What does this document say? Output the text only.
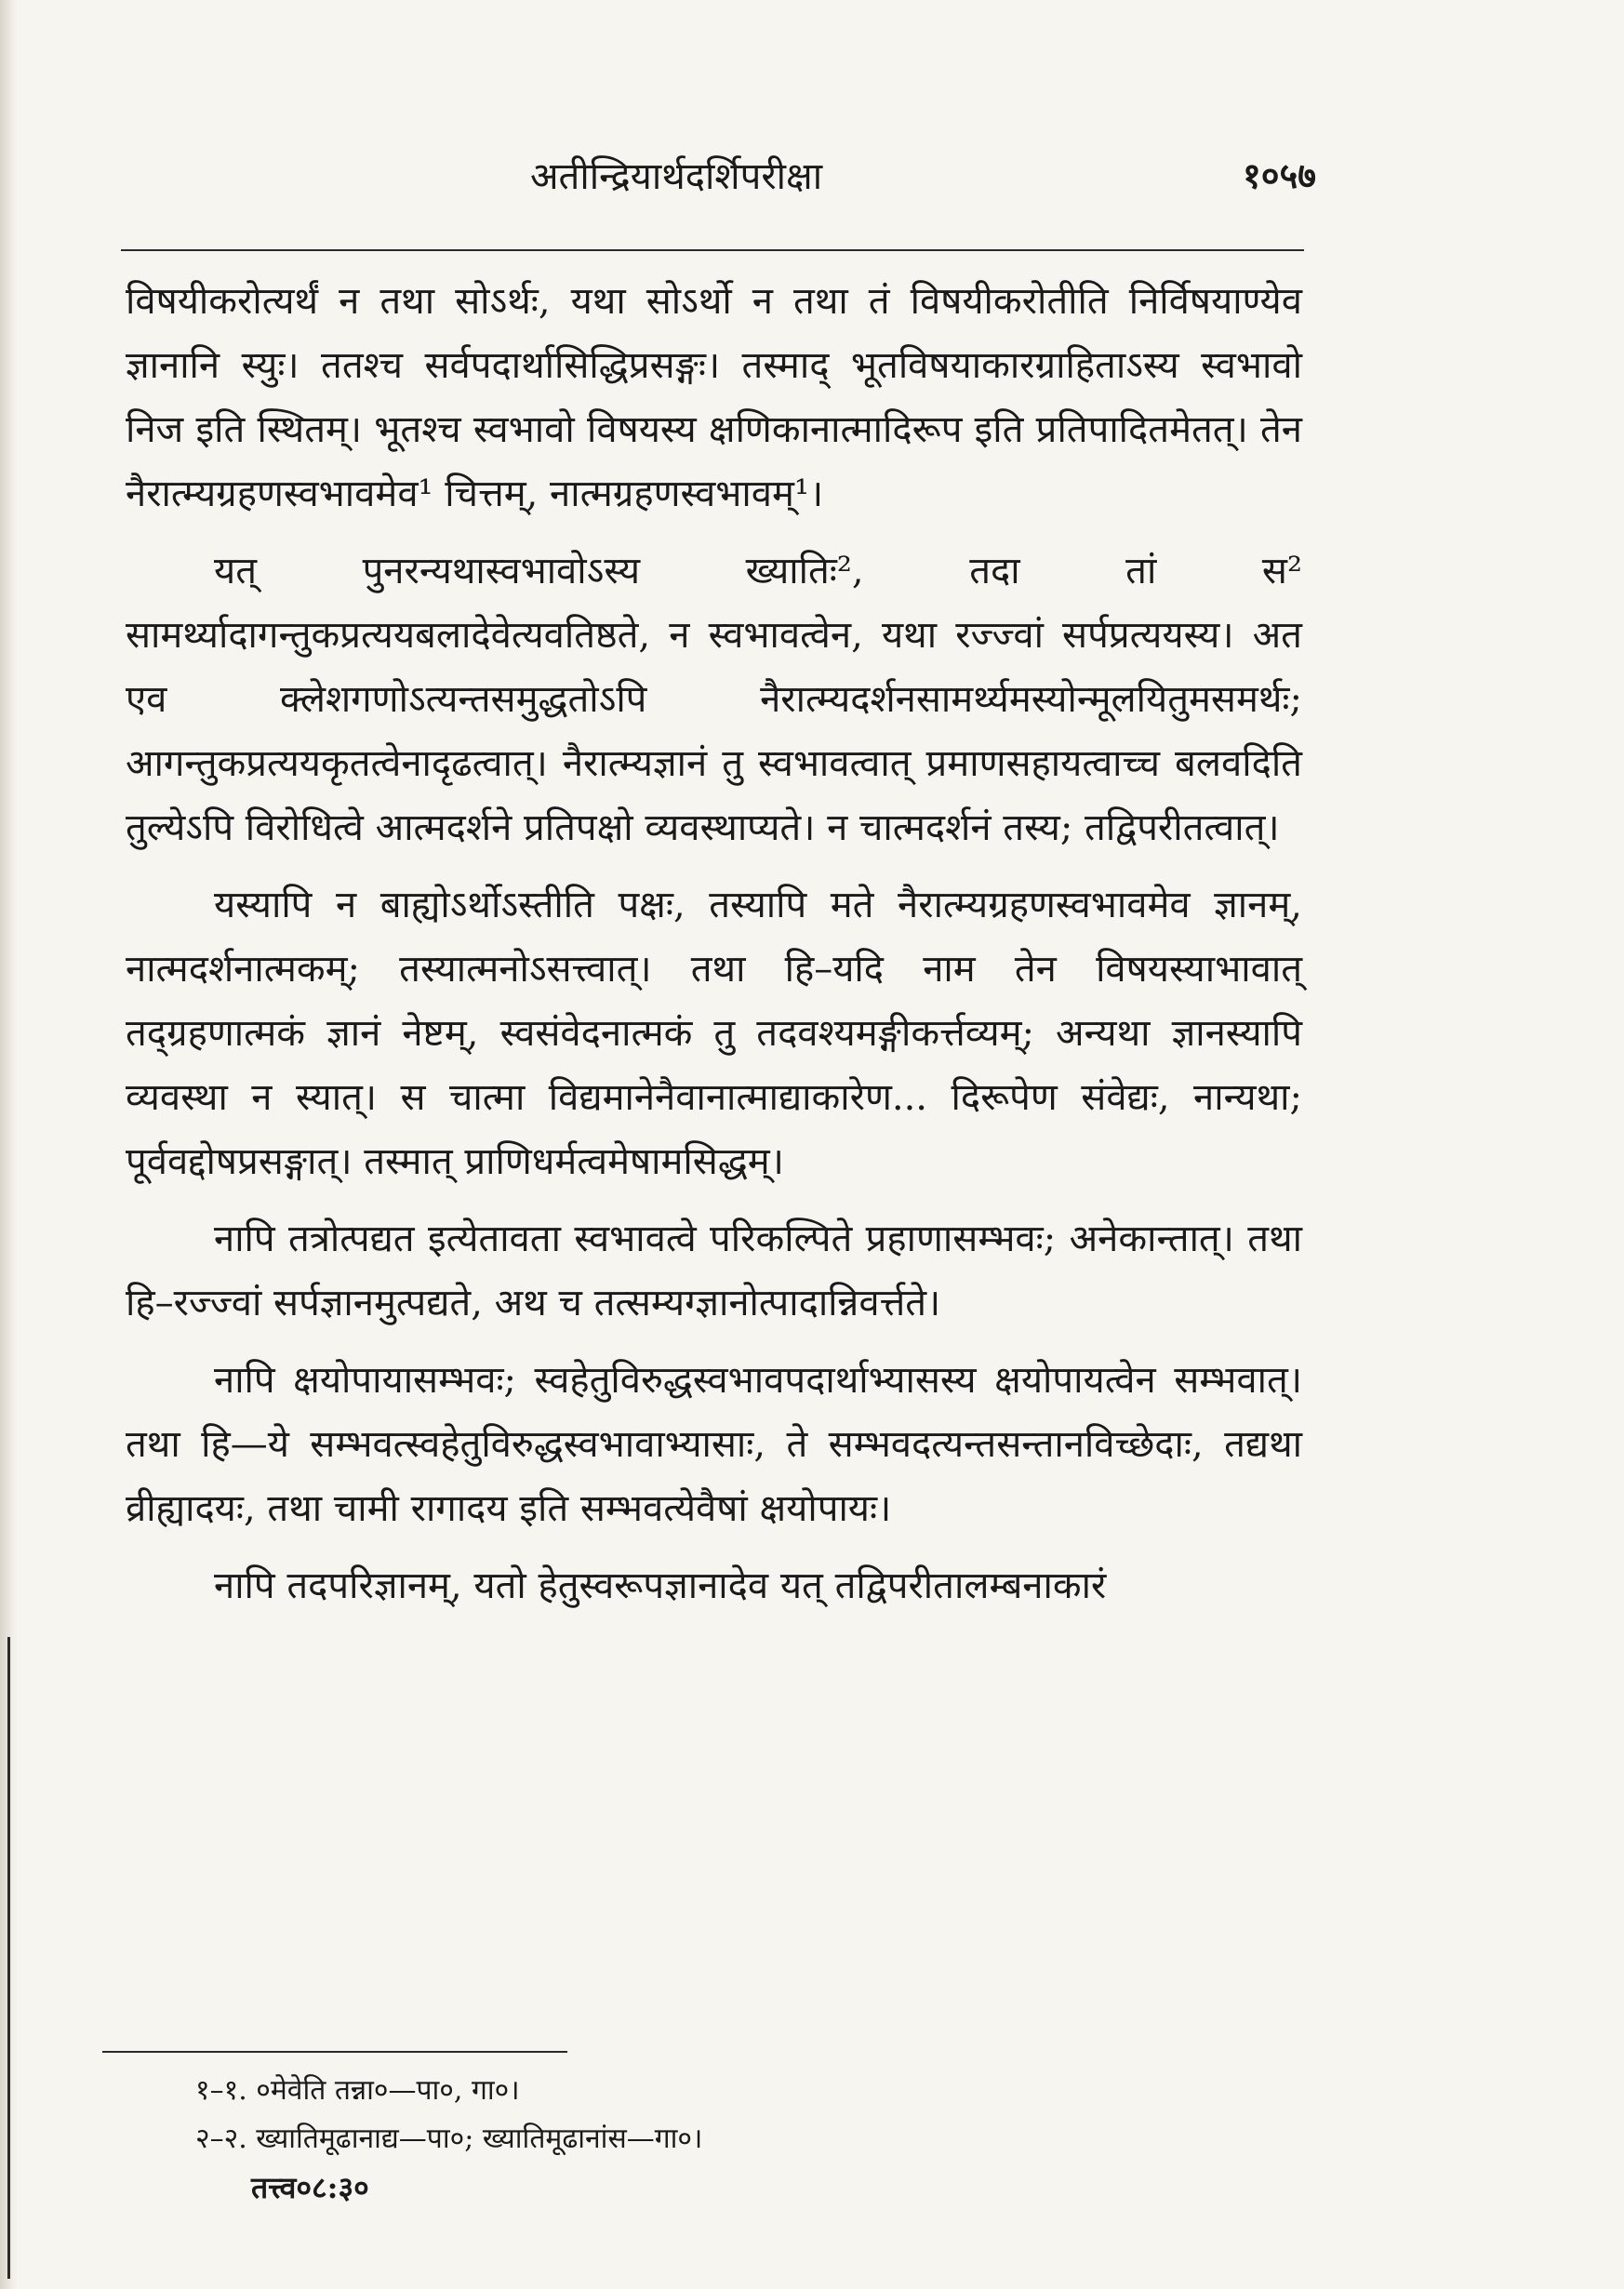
अतीन्द्रियार्थदर्शिपरीक्षा	१०५७

विषयीकरोत्यर्थं न तथा सोऽर्थः, यथा सोऽर्थो न तथा तं विषयीकरोतीति निर्विषयाण्येव ज्ञानानि स्युः। ततश्च सर्वपदार्थासिद्धिप्रसङ्गः। तस्माद् भूतविषयाकारग्राहिताऽस्य स्वभावो निज इति स्थितम्। भूतश्च स्वभावो विषयस्य क्षणिकानात्मादिरूप इति प्रतिपादितमेतत्। तेन नैरात्म्यग्रहणस्वभावमेव¹ चित्तम्, नात्मग्रहणस्वभावम्¹।

यत् पुनरन्यथास्वभावोऽस्य ख्यातिः², तदा तां स² सामर्थ्यादागन्तुकप्रत्ययबलादेवेत्यवतिष्ठते, न स्वभावत्वेन, यथा रज्ज्वां सर्पप्रत्ययस्य। अत एव क्लेशगणोऽत्यन्तसमुद्धतोऽपि नैरात्म्यदर्शनसामर्थ्यमस्योन्मूलयितुमसमर्थः; आगन्तुकप्रत्ययकृतत्वेनादृढत्वात्। नैरात्म्यज्ञानं तु स्वभावत्वात् प्रमाणसहायत्वाच्च बलवदिति तुल्येऽपि विरोधित्वे आत्मदर्शने प्रतिपक्षो व्यवस्थाप्यते। न चात्मदर्शनं तस्य; तद्विपरीतत्वात्।

यस्यापि न बाह्योऽर्थोऽस्तीति पक्षः, तस्यापि मते नैरात्म्यग्रहणस्वभावमेव ज्ञानम्, नात्मदर्शनात्मकम्; तस्यात्मनोऽसत्त्वात्। तथा हि–यदि नाम तेन विषयस्याभावात् तद्ग्रहणात्मकं ज्ञानं नेष्टम्, स्वसंवेदनात्मकं तु तदवश्यमङ्गीकर्त्तव्यम्; अन्यथा ज्ञानस्यापि व्यवस्था न स्यात्। स चात्मा विद्यमानेनैवानात्माद्याकारेण... दिरूपेण संवेद्यः, नान्यथा; पूर्ववद्दोषप्रसङ्गात्। तस्मात् प्राणिधर्मत्वमेषामसिद्धम्।

नापि तत्रोत्पद्यत इत्येतावता स्वभावत्वे परिकल्पिते प्रहाणासम्भवः; अनेकान्तात्। तथा हि–रज्ज्वां सर्पज्ञानमुत्पद्यते, अथ च तत्सम्यग्ज्ञानोत्पादान्निवर्त्तते।

नापि क्षयोपायासम्भवः; स्वहेतुविरुद्धस्वभावपदार्थाभ्यासस्य क्षयोपायत्वेन सम्भवात्। तथा हि—ये सम्भवत्स्वहेतुविरुद्धस्वभावाभ्यासाः, ते सम्भवदत्यन्तसन्तानविच्छेदाः, तद्यथा व्रीह्यादयः, तथा चामी रागादय इति सम्भवत्येवैषां क्षयोपायः।

नापि तदपरिज्ञानम्, यतो हेतुस्वरूपज्ञानादेव यत् तद्विपरीतालम्बनाकारं

१–१. ०मेवेति तन्ना०—पा०, गा०।
२–२. ख्यातिमूढानाद्य—पा०; ख्यातिमूढानांस—गा०।
तत्त्व०८:३०
